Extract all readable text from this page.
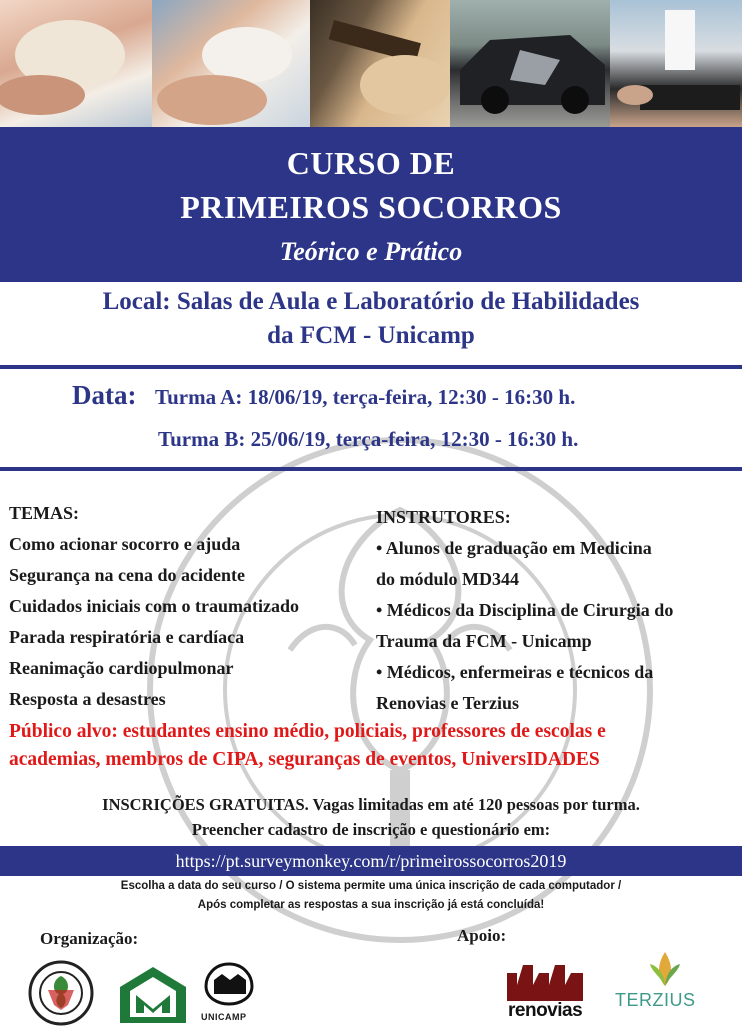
CURSO DE
PRIMEIROS SOCORROS
Teórico e Prático
Local: Salas de Aula e Laboratório de Habilidades
da FCM - Unicamp
Data: Turma A: 18/06/19, terça-feira, 12:30 - 16:30 h.
Turma B: 25/06/19, terça-feira, 12:30 - 16:30 h.
TEMAS:
Como acionar socorro e ajuda
Segurança na cena do acidente
Cuidados iniciais com o traumatizado
Parada respiratória e cardíaca
Reanimação cardiopulmonar
Resposta a desastres
INSTRUTORES:
• Alunos de graduação em Medicina
do módulo MD344
• Médicos da Disciplina de Cirurgia do
Trauma da FCM - Unicamp
• Médicos, enfermeiras e técnicos da
Renovias e Terzius
Público alvo: estudantes ensino médio, policiais, professores de escolas e
academias, membros de CIPA, seguranças de eventos, UniversIDADES
INSCRIÇÕES GRATUITAS. Vagas limitadas em até 120 pessoas por turma.
Preencher cadastro de inscrição e questionário em:
https://pt.surveymonkey.com/r/primeirossocorros2019
Escolha a data do seu curso / O sistema permite uma única inscrição de cada computador /
Após completar as respostas a sua inscrição já está concluída!
Organização:	Apoio:
UNICAMP	renovias TERZIUS
